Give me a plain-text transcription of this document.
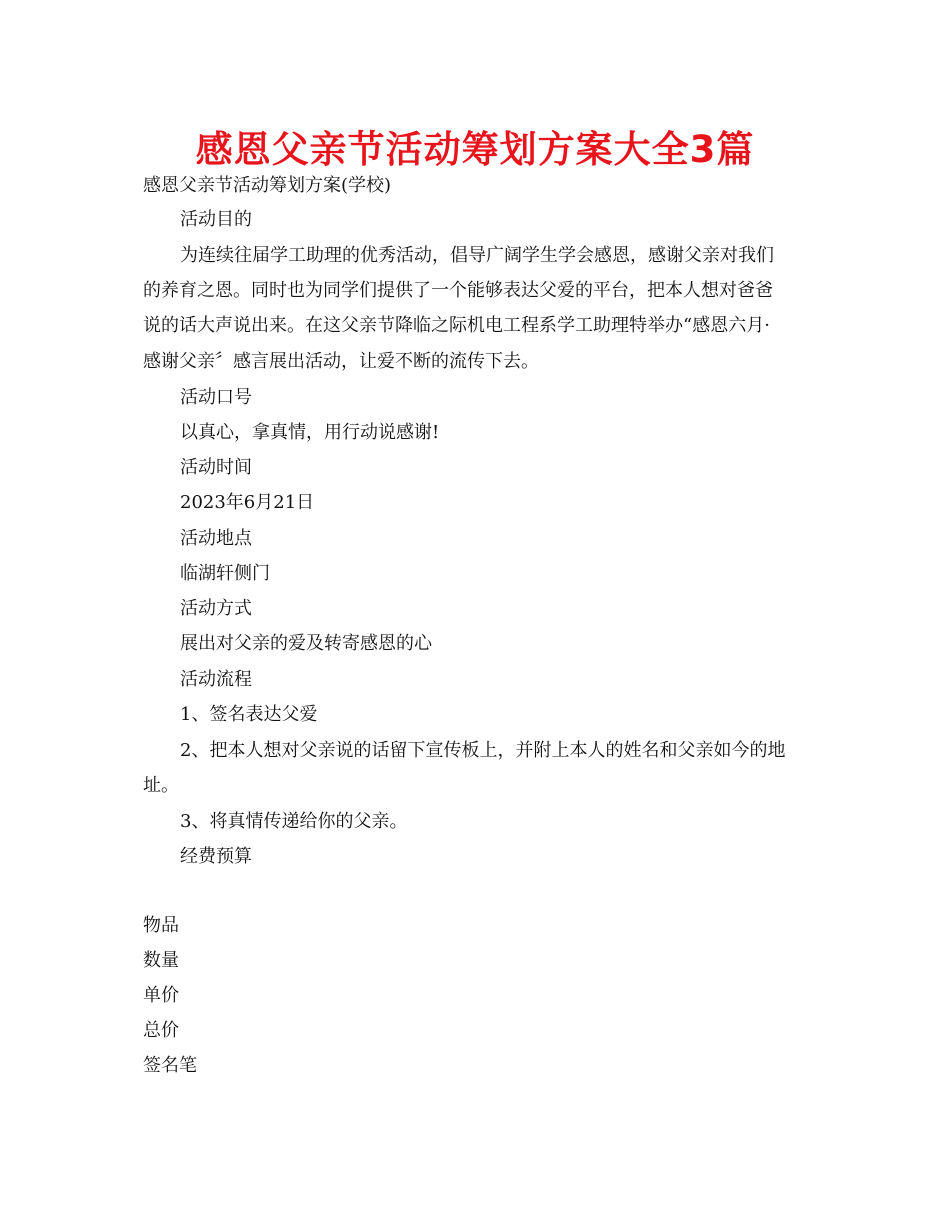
感恩父亲节活动筹划方案大全3篇

感恩父亲节活动筹划方案(学校)

活动目的

为连续往届学工助理的优秀活动，倡导广阔学生学会感恩，感谢父亲对我们

的养育之恩。同时也为同学们提供了一个能够表达父爱的平台，把本人想对爸爸

说的话大声说出来。在这父亲节降临之际机电工程系学工助理特举办“感恩六月·

感谢父亲〞感言展出活动，让爱不断的流传下去。

活动口号

以真心，拿真情，用行动说感谢!

活动时间

2023年6月21日

活动地点

临湖轩侧门

活动方式

展出对父亲的爱及转寄感恩的心

活动流程

1、签名表达父爱

2、把本人想对父亲说的话留下宣传板上，并附上本人的姓名和父亲如今的地

址。

3、将真情传递给你的父亲。

经费预算

物品

数量

单价

总价

签名笔
